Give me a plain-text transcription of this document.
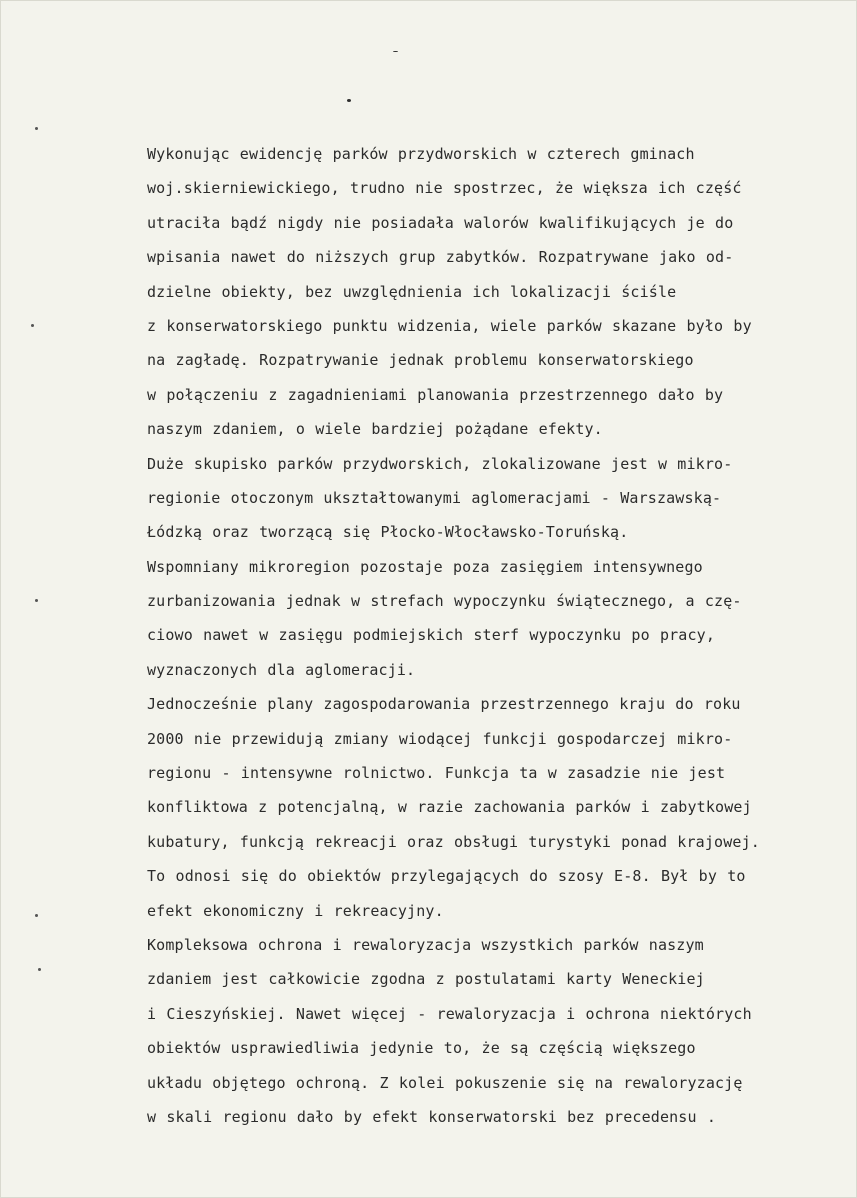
Wykonując ewidencję parków przydworskich w czterech gminach
woj.skierniewickiego, trudno nie spostrzec, że większa ich część
utraciła bądź nigdy nie posiadała walorów kwalifikujących je do
wpisania nawet do niższych grup zabytków. Rozpatrywane jako od-
dzielne obiekty, bez uwzględnienia ich lokalizacji ściśle
z konserwatorskiego punktu widzenia, wiele parków skazane było by
na zagładę. Rozpatrywanie jednak problemu konserwatorskiego
w połączeniu z zagadnieniami planowania przestrzennego dało by
naszym zdaniem, o wiele bardziej pożądane efekty.
Duże skupisko parków przydworskich, zlokalizowane jest w mikro-
regionie otoczonym ukształtowanymi aglomeracjami - Warszawską-
Łódzką oraz tworzącą się Płocko-Włocławsko-Toruńską.
Wspomniany mikroregion pozostaje poza zasięgiem intensywnego
zurbanizowania jednak w strefach wypoczynku świątecznego, a czę-
ciowo nawet w zasięgu podmiejskich sterf wypoczynku po pracy,
wyznaczonych dla aglomeracji.
Jednocześnie plany zagospodarowania przestrzennego kraju do roku
2000 nie przewidują zmiany wiodącej funkcji gospodarczej mikro-
regionu - intensywne rolnictwo. Funkcja ta w zasadzie nie jest
konfliktowa z potencjalną, w razie zachowania parków i zabytkowej
kubatury, funkcją rekreacji oraz obsługi turystyki ponad krajowej.
To odnosi się do obiektów przylegających do szosy E-8. Był by to
efekt ekonomiczny i rekreacyjny.
Kompleksowa ochrona i rewaloryzacja wszystkich parków naszym
zdaniem jest całkowicie zgodna z postulatami karty Weneckiej
i Cieszyńskiej. Nawet więcej - rewaloryzacja i ochrona niektórych
obiektów usprawiedliwia jedynie to, że są częścią większego
układu objętego ochroną. Z kolei pokuszenie się na rewaloryzację
w skali regionu dało by efekt konserwatorski bez precedensu .
